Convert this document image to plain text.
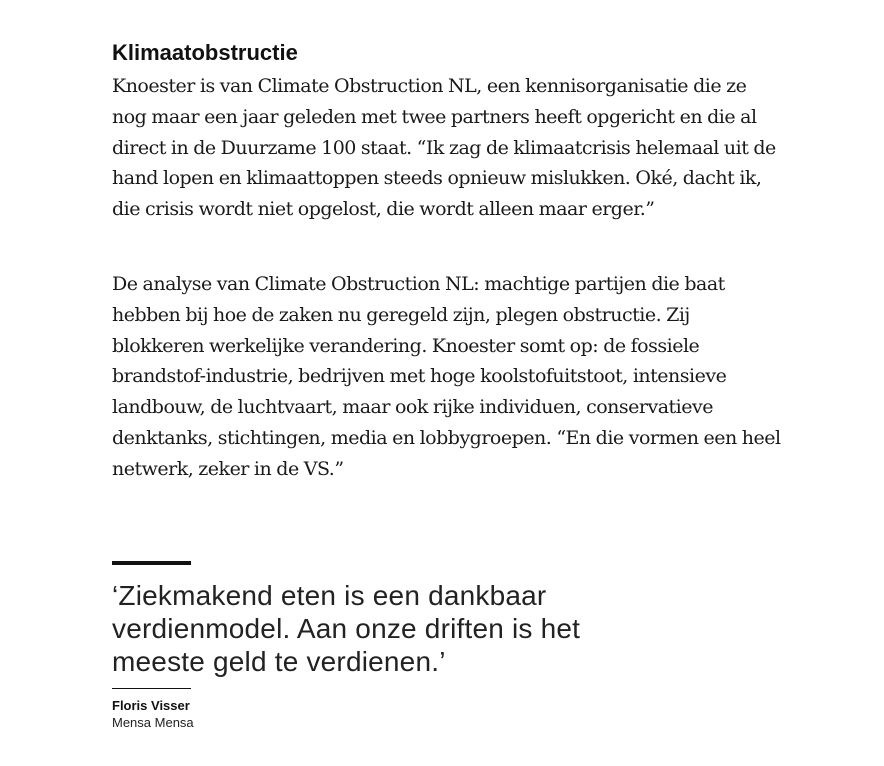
Klimaatobstructie

Knoester is van Climate Obstruction NL, een kennisorganisatie die ze nog maar een jaar geleden met twee partners heeft opgericht en die al direct in de Duurzame 100 staat. “Ik zag de klimaatcrisis helemaal uit de hand lopen en klimaattoppen steeds opnieuw mislukken. Oké, dacht ik, die crisis wordt niet opgelost, die wordt alleen maar erger.”

De analyse van Climate Obstruction NL: machtige partijen die baat hebben bij hoe de zaken nu geregeld zijn, plegen obstructie. Zij blokkeren werkelijke verandering. Knoester somt op: de fossiele brandstof-industrie, bedrijven met hoge koolstofuitstoot, intensieve landbouw, de luchtvaart, maar ook rijke individuen, conservatieve denktanks, stichtingen, media en lobbygroepen. “En die vormen een heel netwerk, zeker in de VS.”

‘Ziekmakend eten is een dankbaar verdienmodel. Aan onze driften is het meeste geld te verdienen.’

Floris Visser
Mensa Mensa
